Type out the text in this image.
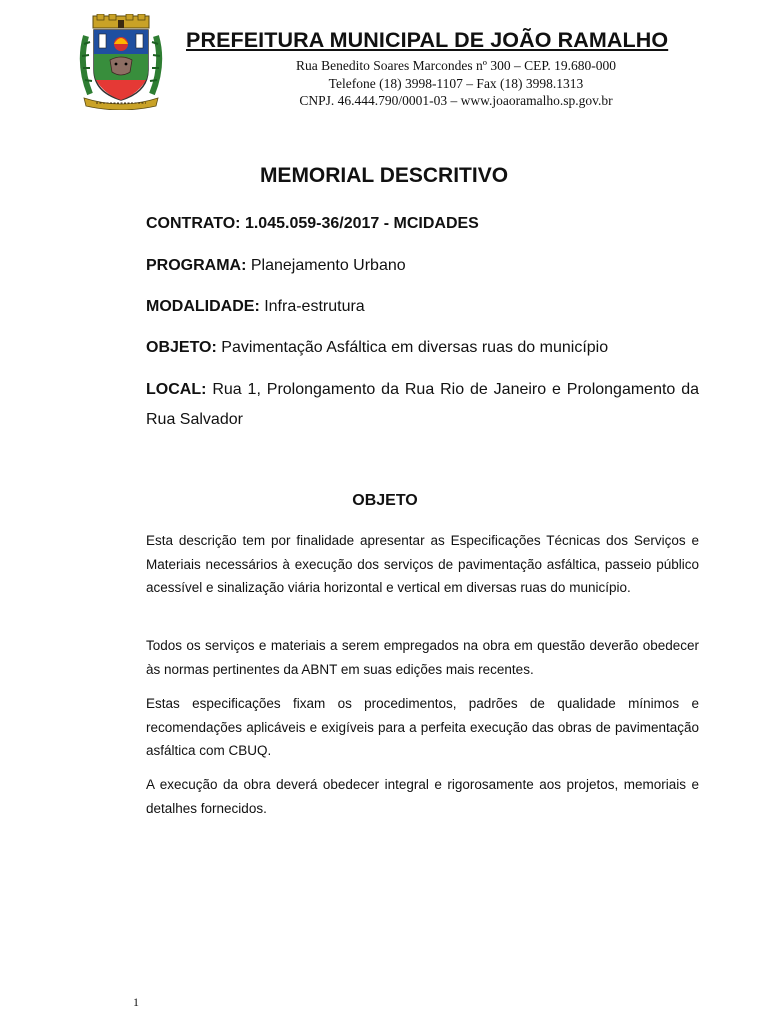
PREFEITURA MUNICIPAL DE JOÃO RAMALHO
Rua Benedito Soares Marcondes nº 300 – CEP. 19.680-000
Telefone (18) 3998-1107 – Fax (18) 3998.1313
CNPJ. 46.444.790/0001-03 – www.joaoramalho.sp.gov.br
MEMORIAL DESCRITIVO
CONTRATO: 1.045.059-36/2017 - MCIDADES
PROGRAMA: Planejamento Urbano
MODALIDADE: Infra-estrutura
OBJETO: Pavimentação Asfáltica em diversas ruas do município
LOCAL: Rua 1, Prolongamento da Rua Rio de Janeiro e Prolongamento da Rua Salvador
OBJETO

Esta descrição tem por finalidade apresentar as Especificações Técnicas dos Serviços e Materiais necessários à execução dos serviços de pavimentação asfáltica, passeio público acessível e sinalização viária horizontal e vertical em diversas ruas do município.

Todos os serviços e materiais a serem empregados na obra em questão deverão obedecer às normas pertinentes da ABNT em suas edições mais recentes.

Estas especificações fixam os procedimentos, padrões de qualidade mínimos e recomendações aplicáveis e exigíveis para a perfeita execução das obras de pavimentação asfáltica com CBUQ.

A execução da obra deverá obedecer integral e rigorosamente aos projetos, memoriais e detalhes fornecidos.

1
